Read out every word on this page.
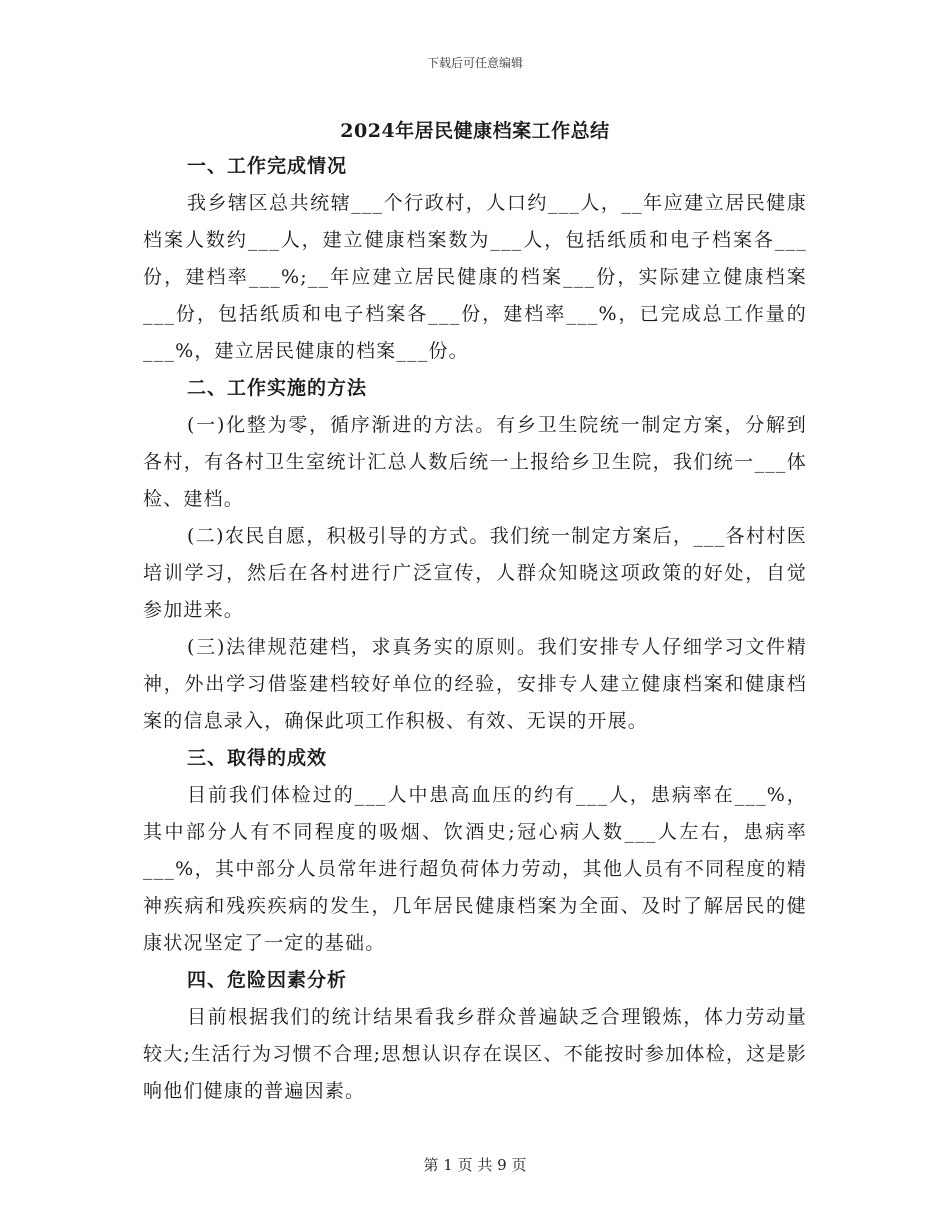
下载后可任意编辑
2024年居民健康档案工作总结

一、工作完成情况

我乡辖区总共统辖___个行政村，人口约___人，__年应建立居民健康档案人数约___人，建立健康档案数为___人，包括纸质和电子档案各___份，建档率___%;__年应建立居民健康的档案___份，实际建立健康档案___份，包括纸质和电子档案各___份，建档率___%，已完成总工作量的___%，建立居民健康的档案___份。

二、工作实施的方法

(一)化整为零，循序渐进的方法。有乡卫生院统一制定方案，分解到各村，有各村卫生室统计汇总人数后统一上报给乡卫生院，我们统一___体检、建档。

(二)农民自愿，积极引导的方式。我们统一制定方案后，___各村村医培训学习，然后在各村进行广泛宣传，人群众知晓这项政策的好处，自觉参加进来。

(三)法律规范建档，求真务实的原则。我们安排专人仔细学习文件精神，外出学习借鉴建档较好单位的经验，安排专人建立健康档案和健康档案的信息录入，确保此项工作积极、有效、无误的开展。

三、取得的成效

目前我们体检过的___人中患高血压的约有___人，患病率在___%，其中部分人有不同程度的吸烟、饮酒史;冠心病人数___人左右，患病率___%，其中部分人员常年进行超负荷体力劳动，其他人员有不同程度的精神疾病和残疾疾病的发生，几年居民健康档案为全面、及时了解居民的健康状况坚定了一定的基础。

四、危险因素分析

目前根据我们的统计结果看我乡群众普遍缺乏合理锻炼，体力劳动量较大;生活行为习惯不合理;思想认识存在误区、不能按时参加体检，这是影响他们健康的普遍因素。

第 1 页 共 9 页
